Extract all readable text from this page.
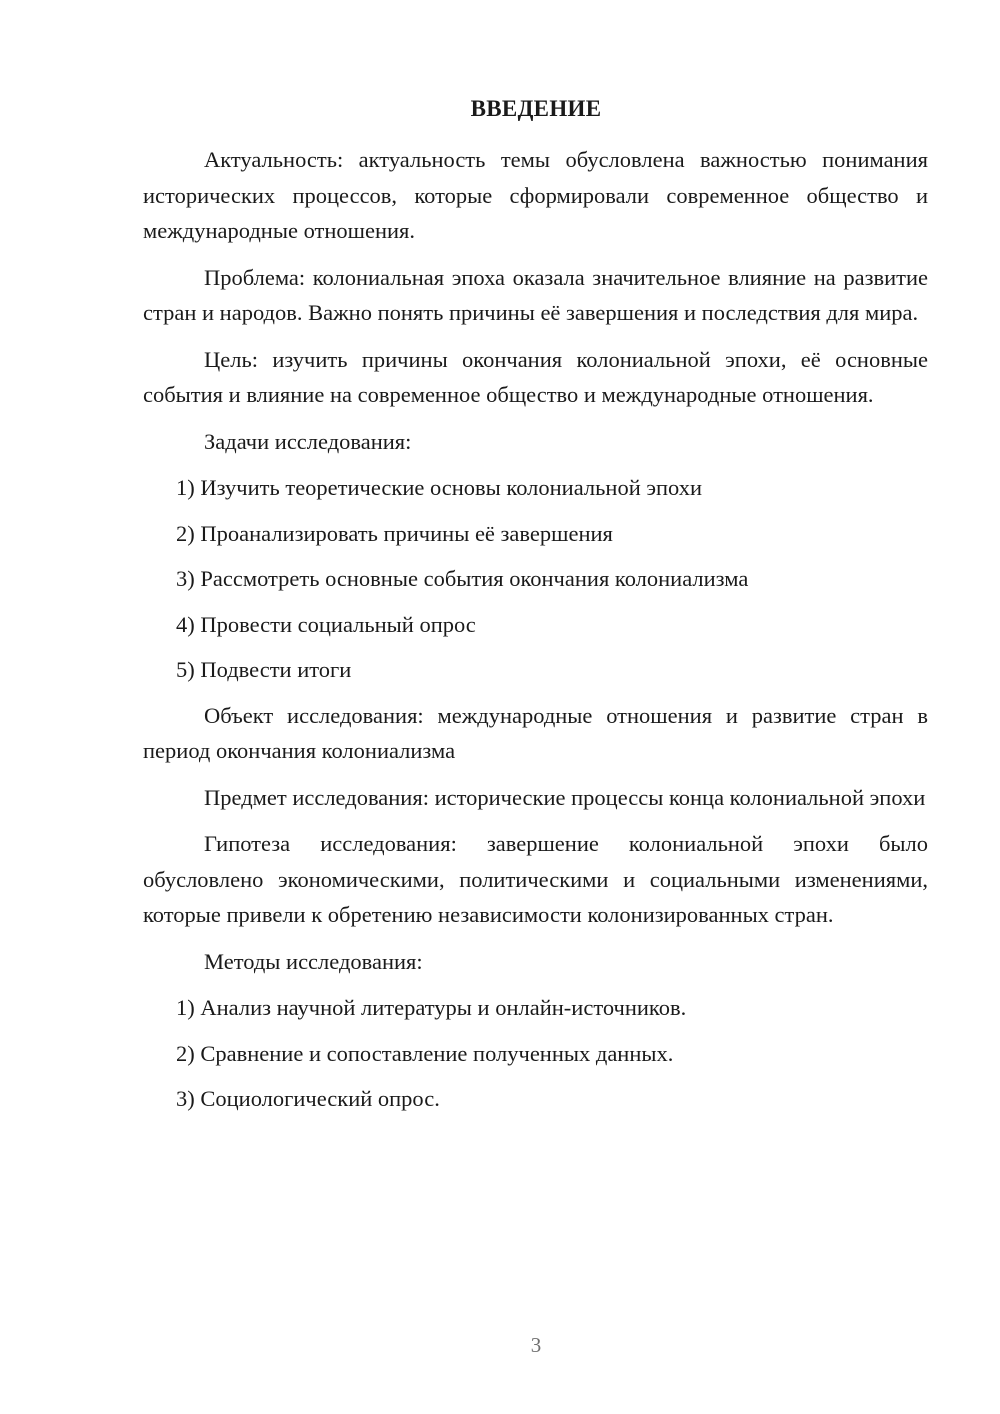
ВВЕДЕНИЕ

Актуальность: актуальность темы обусловлена важностью понимания исторических процессов, которые сформировали современное общество и международные отношения.

Проблема: колониальная эпоха оказала значительное влияние на развитие стран и народов. Важно понять причины её завершения и последствия для мира.

Цель: изучить причины окончания колониальной эпохи, её основные события и влияние на современное общество и международные отношения.

Задачи исследования:

1) Изучить теоретические основы колониальной эпохи

2) Проанализировать причины её завершения

3) Рассмотреть основные события окончания колониализма

4) Провести социальный опрос

5) Подвести итоги

Объект исследования: международные отношения и развитие стран в период окончания колониализма

Предмет исследования: исторические процессы конца колониальной эпохи

Гипотеза исследования: завершение колониальной эпохи было обусловлено экономическими, политическими и социальными изменениями, которые привели к обретению независимости колонизированных стран.

Методы исследования:

1) Анализ научной литературы и онлайн-источников.

2) Сравнение и сопоставление полученных данных.

3) Социологический опрос.

3
